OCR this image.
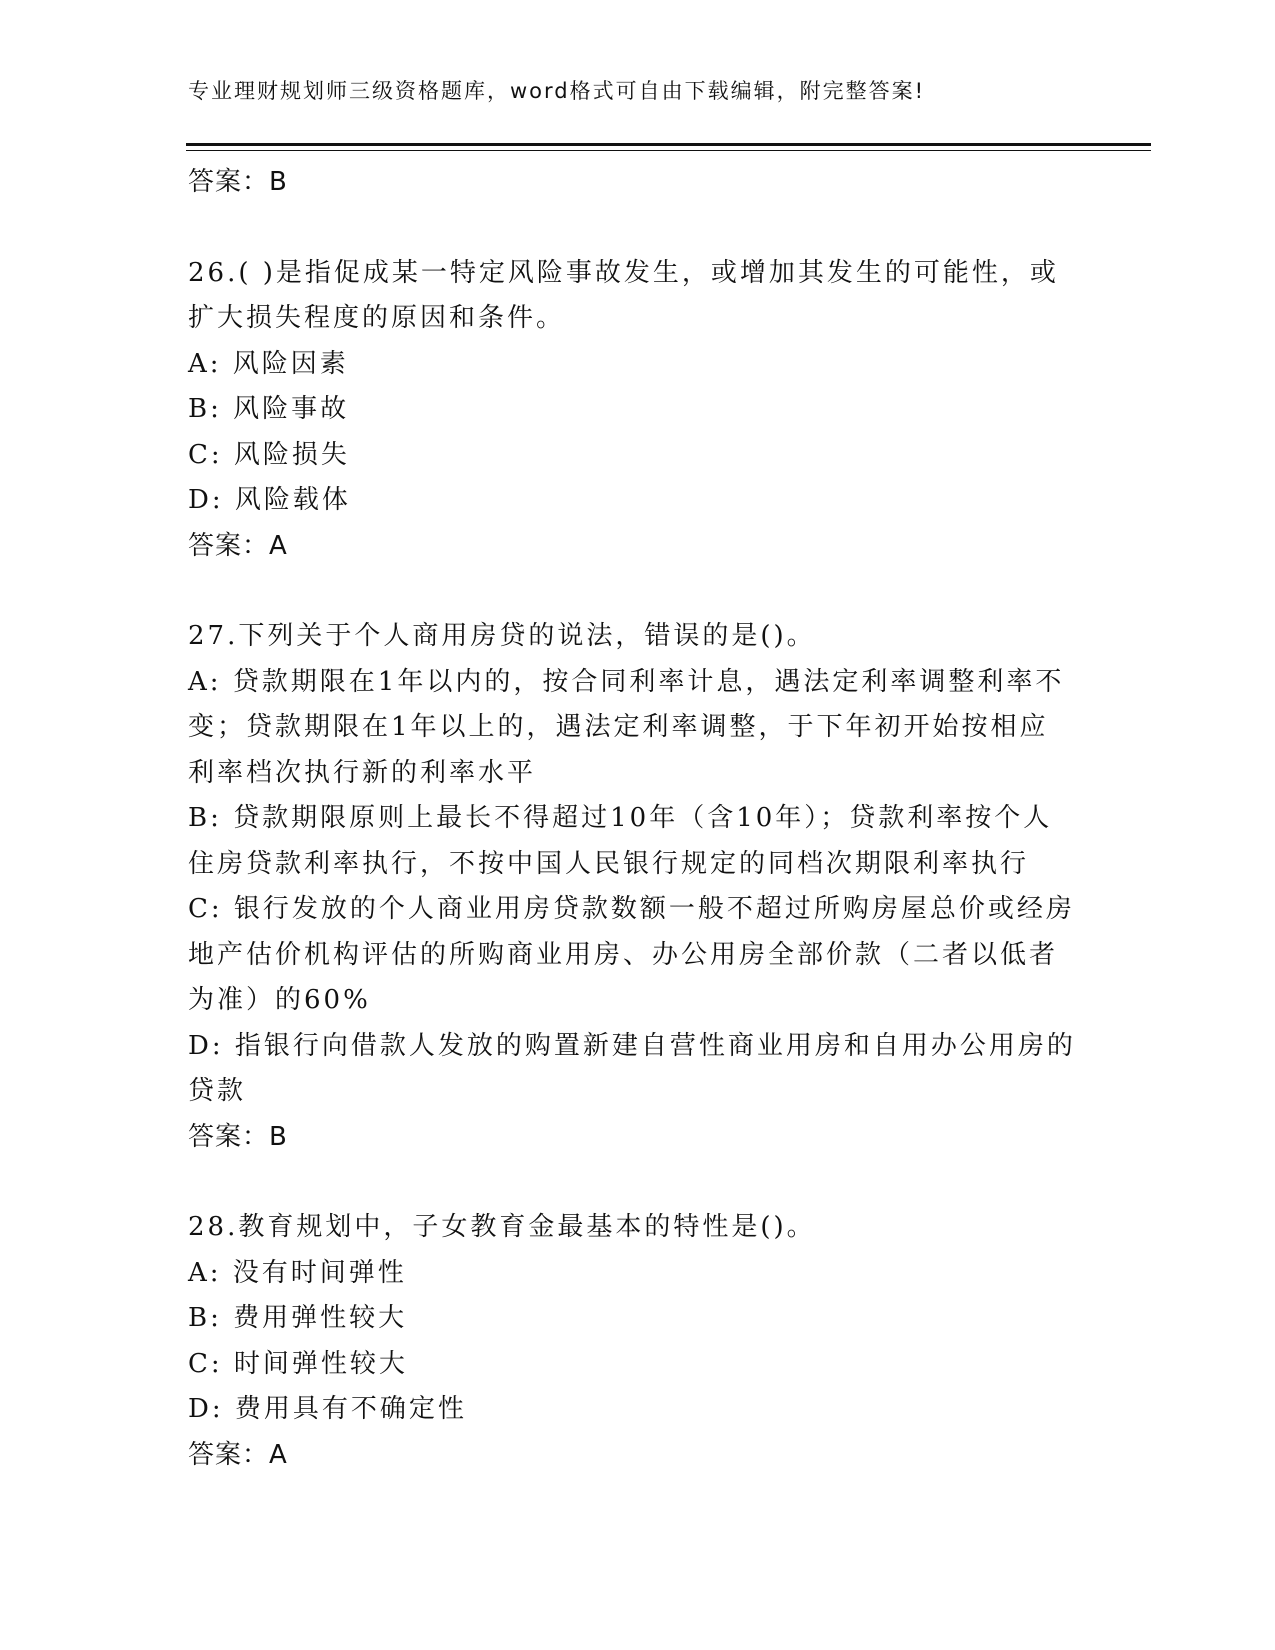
专业理财规划师三级资格题库，word格式可自由下载编辑，附完整答案!
答案：B
26.( )是指促成某一特定风险事故发生，或增加其发生的可能性，或
扩大损失程度的原因和条件。
A: 风险因素
B: 风险事故
C: 风险损失
D: 风险载体
答案：A
27.下列关于个人商用房贷的说法，错误的是()。
A: 贷款期限在1年以内的，按合同利率计息，遇法定利率调整利率不
变；贷款期限在1年以上的，遇法定利率调整，于下年初开始按相应
利率档次执行新的利率水平
B: 贷款期限原则上最长不得超过10年（含10年）；贷款利率按个人
住房贷款利率执行，不按中国人民银行规定的同档次期限利率执行
C: 银行发放的个人商业用房贷款数额一般不超过所购房屋总价或经房
地产估价机构评估的所购商业用房、办公用房全部价款（二者以低者
为准）的60%
D: 指银行向借款人发放的购置新建自营性商业用房和自用办公用房的
贷款
答案：B
28.教育规划中，子女教育金最基本的特性是()。
A: 没有时间弹性
B: 费用弹性较大
C: 时间弹性较大
D: 费用具有不确定性
答案：A
